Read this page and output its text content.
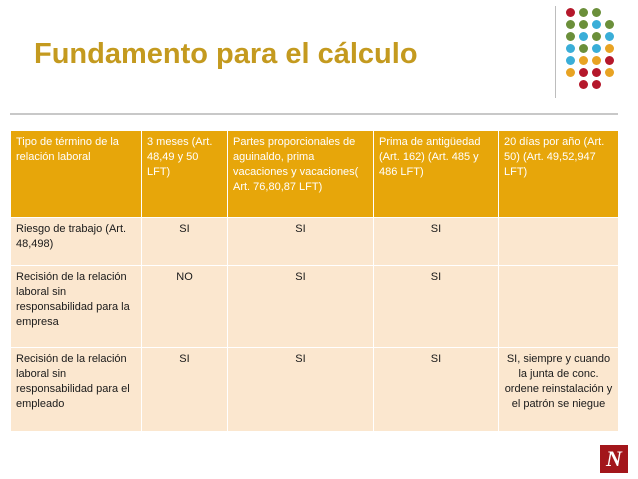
Fundamento para el cálculo
Tipo de término de la relación laboral	3 meses (Art. 48,49 y 50 LFT)	Partes proporcionales de aguinaldo, prima vacaciones y vacaciones( Art. 76,80,87 LFT)	Prima de antigüedad (Art. 162) (Art. 485 y 486 LFT)	20 días por año (Art. 50) (Art. 49,52,947 LFT)
Riesgo de trabajo (Art. 48,498)	SI	SI	SI	
Recisión de la relación laboral sin responsabilidad para la empresa	NO	SI	SI	
Recisión de la relación laboral sin responsabilidad para el empleado	SI	SI	SI	SI, siempre y cuando la junta de conc. ordene reinstalación y el patrón se niegue
N
